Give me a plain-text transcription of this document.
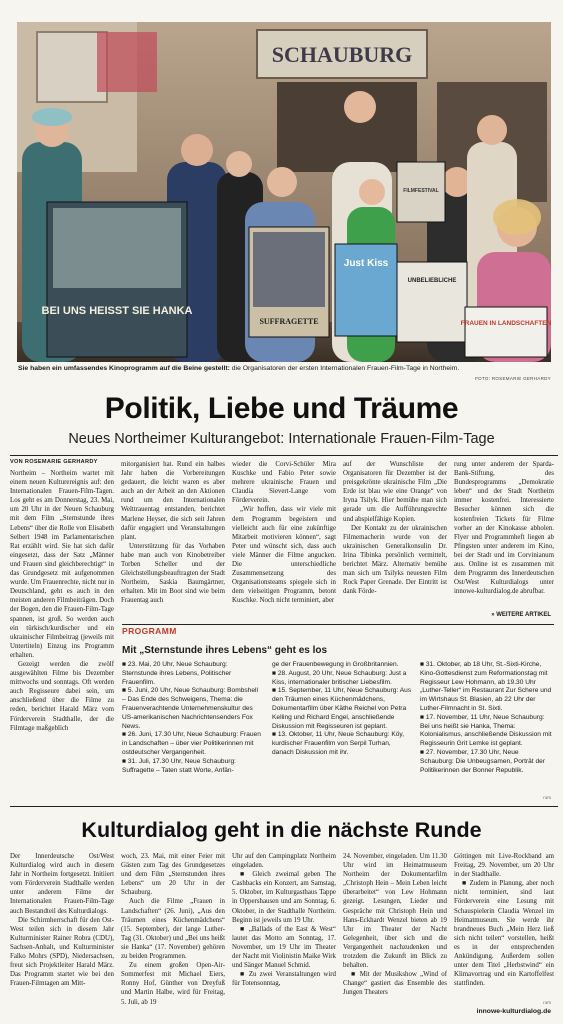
SCHAUBURG
BEI UNS HEISST SIE HANKA
SUFFRAGETTE
Just Kiss
UNBELIEBLICHE
FRAUEN IN LANDSCHAFTEN
FILMFESTIVAL
Sie haben ein umfassendes Kinoprogramm auf die Beine gestellt: die Organisatoren der ersten Internationalen Frauen-Film-Tage in Northeim.
FOTO: ROSEMARIE GERHARDY
Politik, Liebe und Träume
Neues Northeimer Kulturangebot: Internationale Frauen-Film-Tage
VON ROSEMARIE GERHARDY

Northeim – Northeim wartet mit einem neuen Kulturereignis auf: den Internationalen Frauen-Film-Tagen. Los geht es am Donnerstag, 23. Mai, um 20 Uhr in der Neuen Schauburg mit dem Film „Sternstunde ihres Lebens“ über die Rolle von Elisabeth Selbert 1948 im Parlamentarischen Rat erzählt wird. Sie hat sich dafür eingesetzt, dass der Satz „Männer und Frauen sind gleichberechtigt“ in das Grundgesetz mit aufgenommen wurde. Um Frauenrechte, nicht nur in Deutschland, geht es auch in den meisten anderen Filmbeiträgen. Doch der Bogen, den die Frauen-Film-Tage spannen, ist groß. So werden auch ein türkisch/kurdischer und ein ukrainischer Filmbeitrag (jeweils mit Untertiteln) Einzug ins Programm erhalten.

Gezeigt werden die zwölf ausgewählten Filme bis Dezember mittwochs und sonntags. Oft werden auch Regisseure dabei sein, um anschließend über die Filme zu reden, berichtet Harald März vom Förderverein Stadthalle, der die Filmtage maßgeblich

mitorganisiert hat. Rund ein halbes Jahr haben die Vorbereitungen gedauert, die leicht waren es aber auch an der Arbeit an den Aktionen rund um den Internationalen Welttrauentag entstanden, berichtet Marlene Heyser, die sich seit Jahren dafür engagiert und Veranstaltungen plant.

Unterstützung für das Vorhaben habe man auch von Kinobetreiber Torben Scheller und der Gleichstellungsbeauftragten der Stadt Northeim, Saskia Baumgärtner, erhalten. Mit im Boot sind wie beim Frauentag auch

wieder die Corvi-Schüler Mira Kuschke und Fabio Peter sowie mehrere ukrainische Frauen und Claudia Sievert-Lange vom Förderverein.

„Wir hoffen, dass wir viele mit dem Programm begeistern und vielleicht auch für eine zukünftige Mitarbeit motivieren können“, sagt Peter und wünscht sich, dass auch viele Männer die Filme angucken. Die unterschiedliche Zusammensetzung des Organisationsteams spiegele sich in dem vielseitigen Programm, betont Kuschke. Noch nicht terminiert, aber

auf der Wunschliste der Organisatoren für Dezember ist der preisgekrönte ukrainische Film „Die Erde ist blau wie eine Orange“ von Iryna Tsilyk. Hier bemühe man sich gerade um die Aufführungsrechte und abspielfähige Kopien.

Der Kontakt zu der ukrainischen Filmemacherin wurde von der ukrainischen Generalkonsulin Dr. Irina Tibinka persönlich vermittelt, berichtet März. Alternativ bemühe man sich um Tsilyks neuesten Film Rock Paper Grenade. Der Eintritt ist dank Förde-

rung unter anderem der Sparda-Bank-Stiftung, des Bundesprogramms „Demokratie leben“ und der Stadt Northeim immer kostenfrei. Interessierte Besucher können sich die kostenfreien Tickets für Filme vorher an der Kinokasse abholen. Flyer und Programmheft liegen ab Pfingsten unter anderem im Kino, bei der Stadt und im Corvinianum aus. Online ist es zusammen mit dem Programm des Innerdeutschen Ost/West Kulturdialogs unter innowe-kulturdialog.de abrufbar.

» WEITERE ARTIKEL
PROGRAMM
Mit „Sternstunde ihres Lebens“ geht es los

■ 23. Mai, 20 Uhr, Neue Schauburg: Sternstunde ihres Lebens, Politischer Frauenfilm.

■ 5. Juni, 20 Uhr, Neue Schauburg: Bombshell – Das Ende des Schweigens, Thema: die Frauenverachtende Unternehmenskultur des US-amerikanischen Nachrichtensenders Fox News.

■ 26. Juni, 17.30 Uhr, Neue Schauburg: Frauen in Landschaften – über vier Politikerinnen mit ostdeutscher Vergangenheit.

■ 31. Juli, 17.30 Uhr, Neue Schauburg: Suffragette – Taten statt Worte, Anfän-

ge der Frauenbewegung in Großbritannien.

■ 28. August, 20 Uhr, Neue Schauburg: Just a Kiss, internationaler britischer Liebesfilm.

■ 15. September, 11 Uhr, Neue Schauburg: Aus den Träumen eines Küchenmädchens, Dokumentarfilm über Käthe Reichel von Petra Kelling und Richard Engel, anschließende Diskussion mit Regisseuren ist geplant.

■ 13. Oktober, 11 Uhr, Neue Schauburg: Köy, kurdischer Frauenfilm von Serpil Turhan, danach Diskussion mit ihr.

■ 31. Oktober, ab 18 Uhr, St.-Sixti-Kirche, Kino-Gottesdienst zum Reformationstag mit Regisseur Lew Hohmann, ab 19.30 Uhr „Luther-Teller“ im Restaurant Zur Schere und im Wirtshaus St. Blasien, ab 22 Uhr der Luther-Filmnacht in St. Sixti.

■ 17. November, 11 Uhr, Neue Schauburg: Bei uns heißt sie Hanka, Thema: Kolonialismus, anschließende Diskussion mit Regisseurin Grit Lemke ist geplant.

■ 27. November, 17.30 Uhr, Neue Schauburg: Die Unbeugsamen, Porträt der Politikerinnen der Bonner Republik.

rom
Kulturdialog geht in die nächste Runde

Der Innerdeutsche Ost/West Kulturdialog wird auch in diesem Jahr in Northeim fortgesetzt. Initiiert vom Förderverein Stadthalle werden unter anderem Filme der Internationalen Frauen-Film-Tage auch Bestandteil des Kulturdialogs.

Die Schirmherrschaft für den Ost-West teilen sich in diesem Jahr Kulturminister Rainer Robra (CDU), Sachsen-Anhalt, und Kulturminister Falko Mohrs (SPD), Niedersachsen, freut sich Projektleiter Harald März. Das Programm startet wie bei den Frauen-Filmtagen am Mitt-

woch, 23. Mai, mit einer Feier mit Gästen zum Tag des Grundgesetzes und dem Film „Sternstunden ihres Lebens“ um 20 Uhr in der Schauburg.

Auch die Filme „Frauen in Landschaften“ (26. Juni), „Aus den Träumen eines Küchenmädchens“ (15. September), der lange Luther-Tag (31. Oktober) und „Bei uns heißt sie Hanka“ (17. November) gehören zu beiden Programmen.

Zu einem großen Open-Air-Sommerfest mit Michael Eiers, Ronny Hof, Günther von Dreyfuß und Martin Halbe, wird für Freitag, 5. Juli, ab 19

Uhr auf den Campingplatz Northeim eingeladen.

■ Gleich zweimal geben The Cashbacks ein Konzert, am Samstag, 5. Oktober, im Kulturgasthaus Tappe in Oppershausen und am Sonntag, 6. Oktober, in der Stadthalle Northeim. Beginn ist jeweils um 19 Uhr.

■ „Ballads of the East & West“ lautet das Motto am Sonntag, 17. November, um 19 Uhr im Theater der Nacht mit Violinistin Maike Wirk und Sänger Manuel Schmid.

■ Zu zwei Veranstaltungen wird für Totensonntag,

24. November, eingeladen. Um 11.30 Uhr wird im Heimatmuseum Northeim der Dokumentarfilm „Christoph Hein – Mein Leben leicht überarbeitet“ von Lew Hohmann gezeigt. Lesungen, Lieder und Gespräche mit Christoph Hein und Hans-Eckhardt Wenzel bieten ab 19 Uhr im Theater der Nacht Gelegenheit, über sich und die Vergangenheit nachzudenken und trotzdem die Zukunft im Blick zu behalten.

■ Mit der Musikshow „Wind of Change“ gastiert das Ensemble des Jungen Theaters

Göttingen mit Live-Rockband am Freitag, 29. November, um 20 Uhr in der Stadthalle.

■ Zudem in Planung, aber noch nicht terminiert, sind laut Förderverein eine Lesung mit Schauspielerin Claudia Wenzel im Heimatmuseum. Sie werde ihr brandneues Buch „Mein Herz ließ sich nicht teilen“ vorstellen, heißt es in der entsprechenden Ankündigung. Außerdem sollen unter dem Titel „Herbstwind“ ein Klimavortrag und ein Kartoffelfest stattfinden.

rom
innowe-kulturdialog.de
